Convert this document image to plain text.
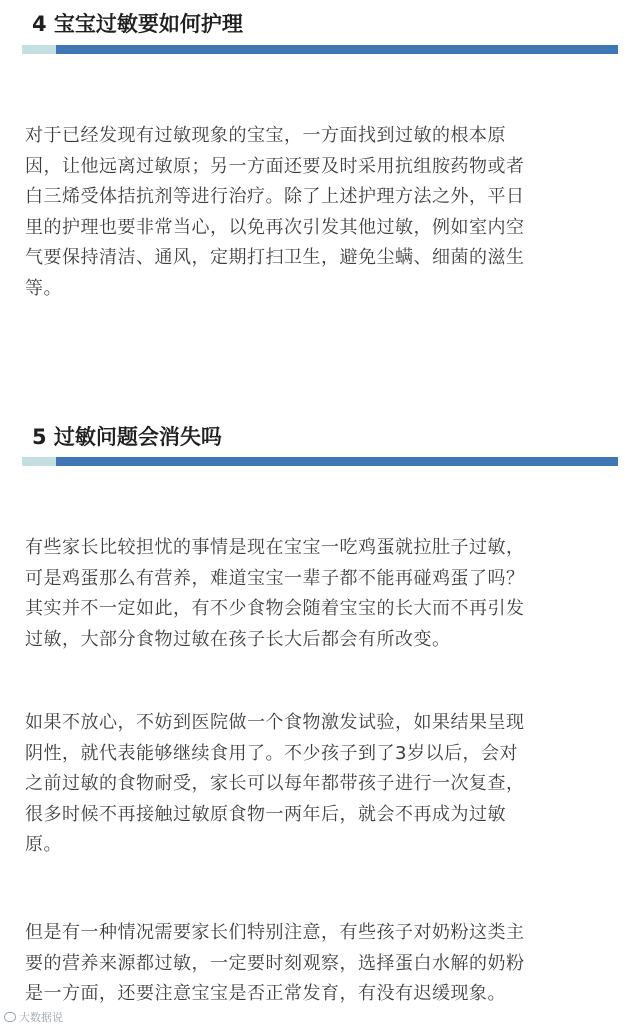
4 宝宝过敏要如何护理

对于已经发现有过敏现象的宝宝，一方面找到过敏的根本原
因，让他远离过敏原；另一方面还要及时采用抗组胺药物或者
白三烯受体拮抗剂等进行治疗。除了上述护理方法之外，平日
里的护理也要非常当心，以免再次引发其他过敏，例如室内空
气要保持清洁、通风，定期打扫卫生，避免尘螨、细菌的滋生
等。

5 过敏问题会消失吗

有些家长比较担忧的事情是现在宝宝一吃鸡蛋就拉肚子过敏，
可是鸡蛋那么有营养，难道宝宝一辈子都不能再碰鸡蛋了吗？
其实并不一定如此，有不少食物会随着宝宝的长大而不再引发
过敏，大部分食物过敏在孩子长大后都会有所改变。

如果不放心，不妨到医院做一个食物激发试验，如果结果呈现
阴性，就代表能够继续食用了。不少孩子到了3岁以后，会对
之前过敏的食物耐受，家长可以每年都带孩子进行一次复查，
很多时候不再接触过敏原食物一两年后，就会不再成为过敏
原。

但是有一种情况需要家长们特别注意，有些孩子对奶粉这类主
要的营养来源都过敏，一定要时刻观察，选择蛋白水解的奶粉
是一方面，还要注意宝宝是否正常发育，有没有迟缓现象。

大数据说
